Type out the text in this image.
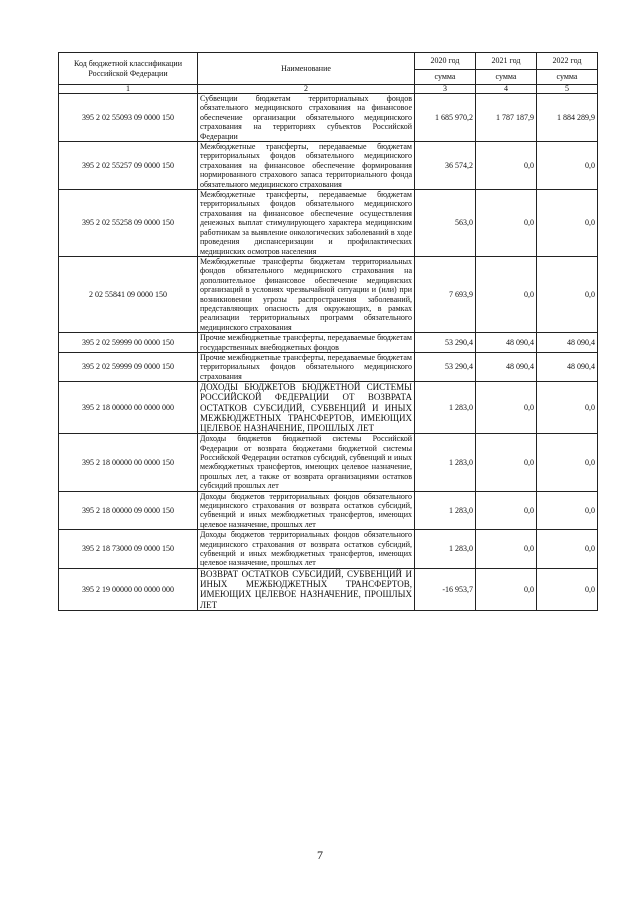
Код бюджетной классификации Российской Федерации	Наименование	2020 год	2021 год	2022 год
		сумма	сумма	сумма
1	2	3	4	5
395 2 02 55093 09 0000 150	Субвенции бюджетам территориальных фондов обязательного медицинского страхования на финансовое обеспечение организации обязательного медицинского страхования на территориях субъектов Российской Федерации	1 685 970,2	1 787 187,9	1 884 289,9
395 2 02 55257 09 0000 150	Межбюджетные трансферты, передаваемые бюджетам территориальных фондов обязательного медицинского страхования на финансовое обеспечение формирования нормированного страхового запаса территориального фонда обязательного медицинского страхования	36 574,2	0,0	0,0
395 2 02 55258 09 0000 150	Межбюджетные трансферты, передаваемые бюджетам территориальных фондов обязательного медицинского страхования на финансовое обеспечение осуществления денежных выплат стимулирующего характера медицинским работникам за выявление онкологических заболеваний в ходе проведения диспансеризации и профилактических медицинских осмотров населения	563,0	0,0	0,0
2 02 55841 09 0000 150	Межбюджетные трансферты бюджетам территориальных фондов обязательного медицинского страхования на дополнительное финансовое обеспечение медицинских организаций в условиях чрезвычайной ситуации и (или) при возникновении угрозы распространения заболеваний, представляющих опасность для окружающих, в рамках реализации территориальных программ обязательного медицинского страхования	7 693,9	0,0	0,0
395 2 02 59999 00 0000 150	Прочие межбюджетные трансферты, передаваемые бюджетам государственных внебюджетных фондов	53 290,4	48 090,4	48 090,4
395 2 02 59999 09 0000 150	Прочие межбюджетные трансферты, передаваемые бюджетам территориальных фондов обязательного медицинского страхования	53 290,4	48 090,4	48 090,4
395 2 18 00000 00 0000 000	ДОХОДЫ БЮДЖЕТОВ БЮДЖЕТНОЙ СИСТЕМЫ РОССИЙСКОЙ ФЕДЕРАЦИИ ОТ ВОЗВРАТА ОСТАТКОВ СУБСИДИЙ, СУБВЕНЦИЙ И ИНЫХ МЕЖБЮДЖЕТНЫХ ТРАНСФЕРТОВ, ИМЕЮЩИХ ЦЕЛЕВОЕ НАЗНАЧЕНИЕ, ПРОШЛЫХ ЛЕТ	1 283,0	0,0	0,0
395 2 18 00000 00 0000 150	Доходы бюджетов бюджетной системы Российской Федерации от возврата бюджетами бюджетной системы Российской Федерации остатков субсидий, субвенций и иных межбюджетных трансфертов, имеющих целевое назначение, прошлых лет, а также от возврата организациями остатков субсидий прошлых лет	1 283,0	0,0	0,0
395 2 18 00000 09 0000 150	Доходы бюджетов территориальных фондов обязательного медицинского страхования от возврата остатков субсидий, субвенций и иных межбюджетных трансфертов, имеющих целевое назначение, прошлых лет	1 283,0	0,0	0,0
395 2 18 73000 09 0000 150	Доходы бюджетов территориальных фондов обязательного медицинского страхования от возврата остатков субсидий, субвенций и иных межбюджетных трансфертов, имеющих целевое назначение, прошлых лет	1 283,0	0,0	0,0
395 2 19 00000 00 0000 000	ВОЗВРАТ ОСТАТКОВ СУБСИДИЙ, СУБВЕНЦИЙ И ИНЫХ МЕЖБЮДЖЕТНЫХ ТРАНСФЕРТОВ, ИМЕЮЩИХ ЦЕЛЕВОЕ НАЗНАЧЕНИЕ, ПРОШЛЫХ ЛЕТ	-16 953,7	0,0	0,0
7
